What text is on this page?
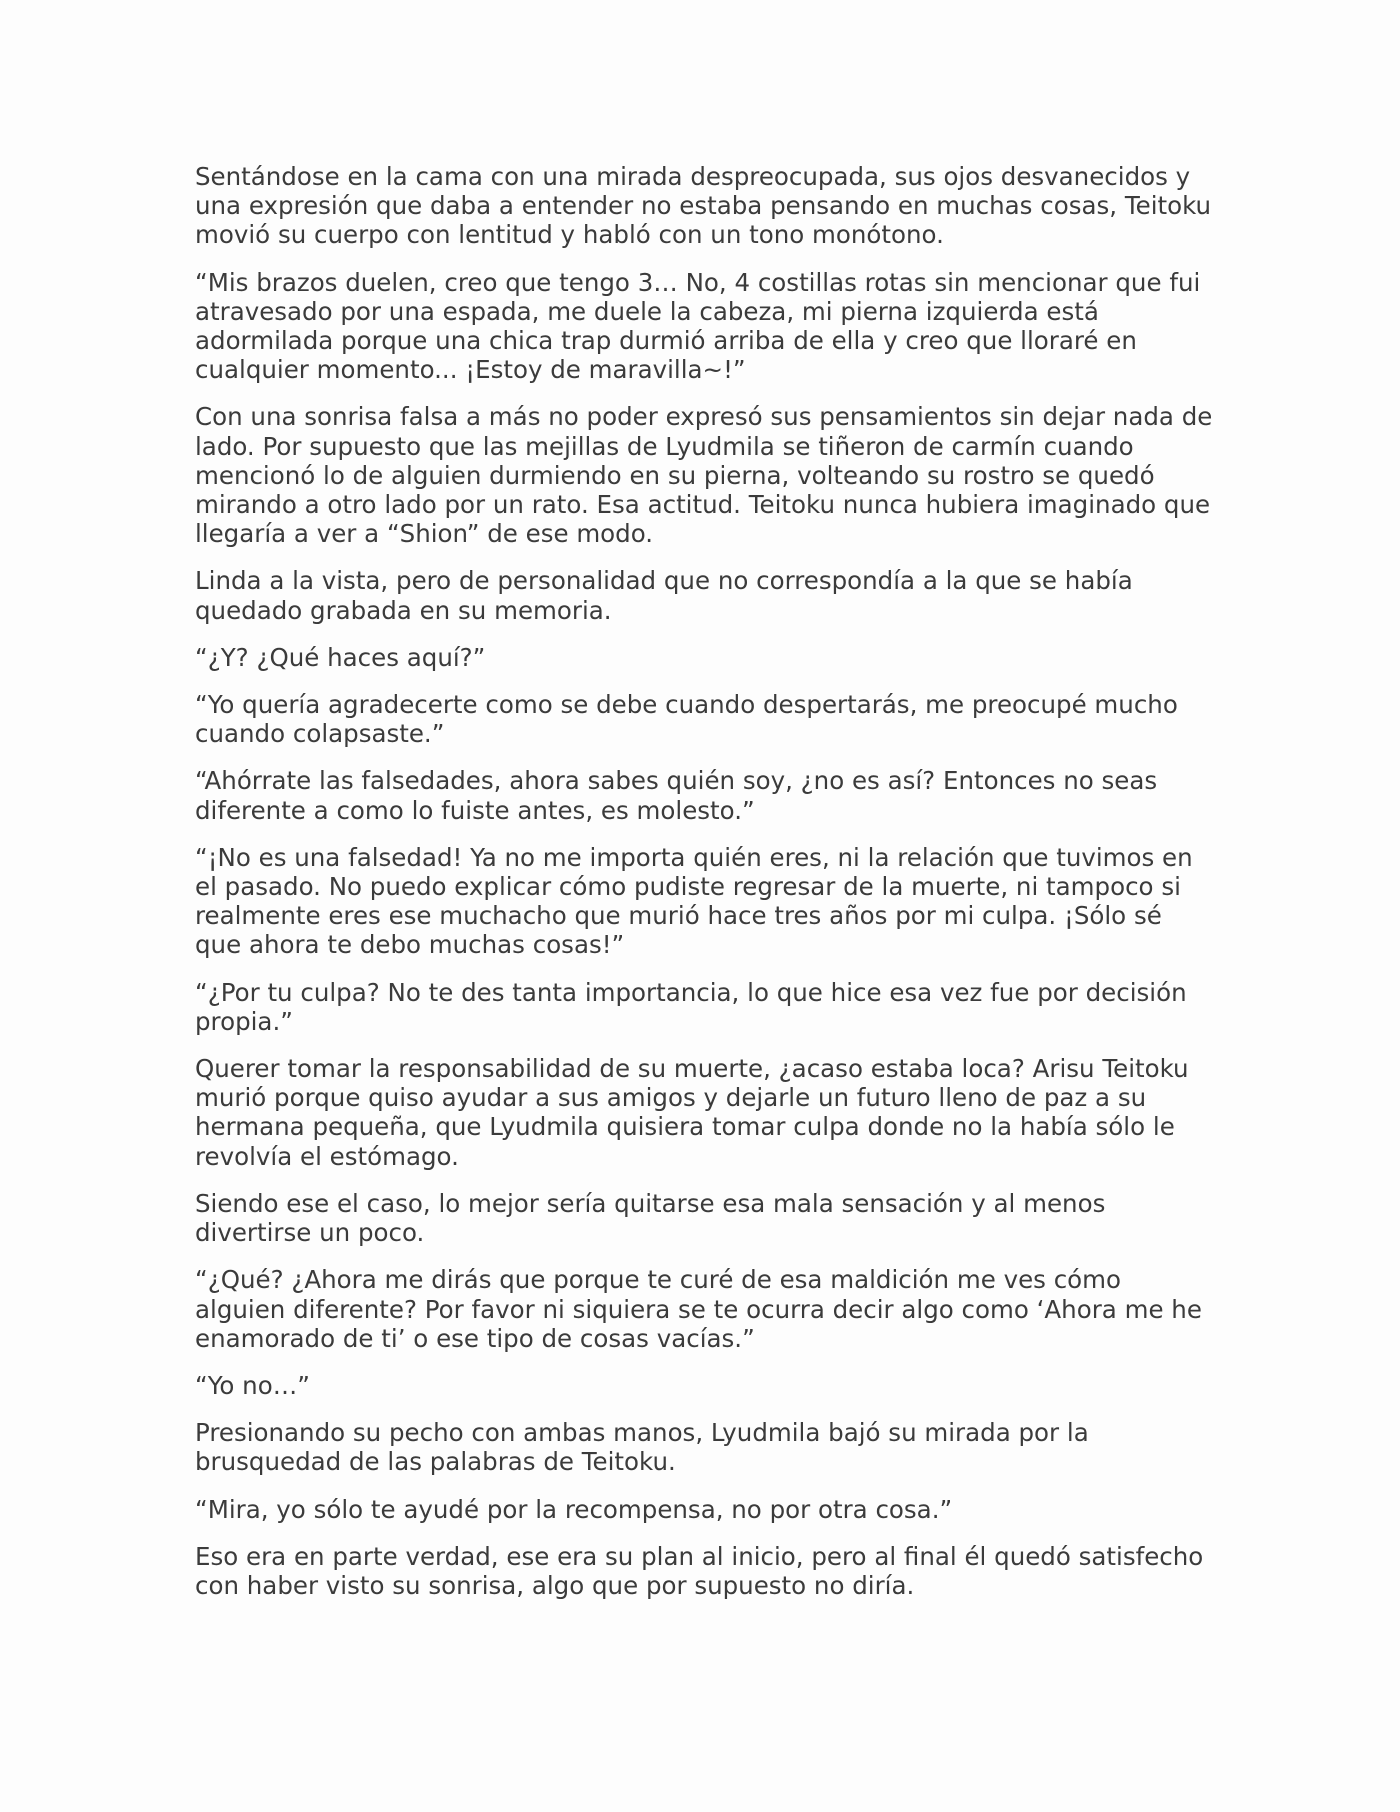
Sentándose en la cama con una mirada despreocupada, sus ojos desvanecidos y una expresión que daba a entender no estaba pensando en muchas cosas, Teitoku movió su cuerpo con lentitud y habló con un tono monótono.

“Mis brazos duelen, creo que tengo 3… No, 4 costillas rotas sin mencionar que fui atravesado por una espada, me duele la cabeza, mi pierna izquierda está adormilada porque una chica trap durmió arriba de ella y creo que lloraré en cualquier momento... ¡Estoy de maravilla~!”

Con una sonrisa falsa a más no poder expresó sus pensamientos sin dejar nada de lado. Por supuesto que las mejillas de Lyudmila se tiñeron de carmín cuando mencionó lo de alguien durmiendo en su pierna, volteando su rostro se quedó mirando a otro lado por un rato. Esa actitud. Teitoku nunca hubiera imaginado que llegaría a ver a “Shion” de ese modo.

Linda a la vista, pero de personalidad que no correspondía a la que se había quedado grabada en su memoria.

“¿Y? ¿Qué haces aquí?”

“Yo quería agradecerte como se debe cuando despertarás, me preocupé mucho cuando colapsaste.”

“Ahórrate las falsedades, ahora sabes quién soy, ¿no es así? Entonces no seas diferente a como lo fuiste antes, es molesto.”

“¡No es una falsedad! Ya no me importa quién eres, ni la relación que tuvimos en el pasado. No puedo explicar cómo pudiste regresar de la muerte, ni tampoco si realmente eres ese muchacho que murió hace tres años por mi culpa. ¡Sólo sé que ahora te debo muchas cosas!”

“¿Por tu culpa? No te des tanta importancia, lo que hice esa vez fue por decisión propia.”

Querer tomar la responsabilidad de su muerte, ¿acaso estaba loca? Arisu Teitoku murió porque quiso ayudar a sus amigos y dejarle un futuro lleno de paz a su hermana pequeña, que Lyudmila quisiera tomar culpa donde no la había sólo le revolvía el estómago.

Siendo ese el caso, lo mejor sería quitarse esa mala sensación y al menos divertirse un poco.

“¿Qué? ¿Ahora me dirás que porque te curé de esa maldición me ves cómo alguien diferente? Por favor ni siquiera se te ocurra decir algo como ‘Ahora me he enamorado de ti’ o ese tipo de cosas vacías.”

“Yo no…”

Presionando su pecho con ambas manos, Lyudmila bajó su mirada por la brusquedad de las palabras de Teitoku.

“Mira, yo sólo te ayudé por la recompensa, no por otra cosa.”

Eso era en parte verdad, ese era su plan al inicio, pero al final él quedó satisfecho con haber visto su sonrisa, algo que por supuesto no diría.
